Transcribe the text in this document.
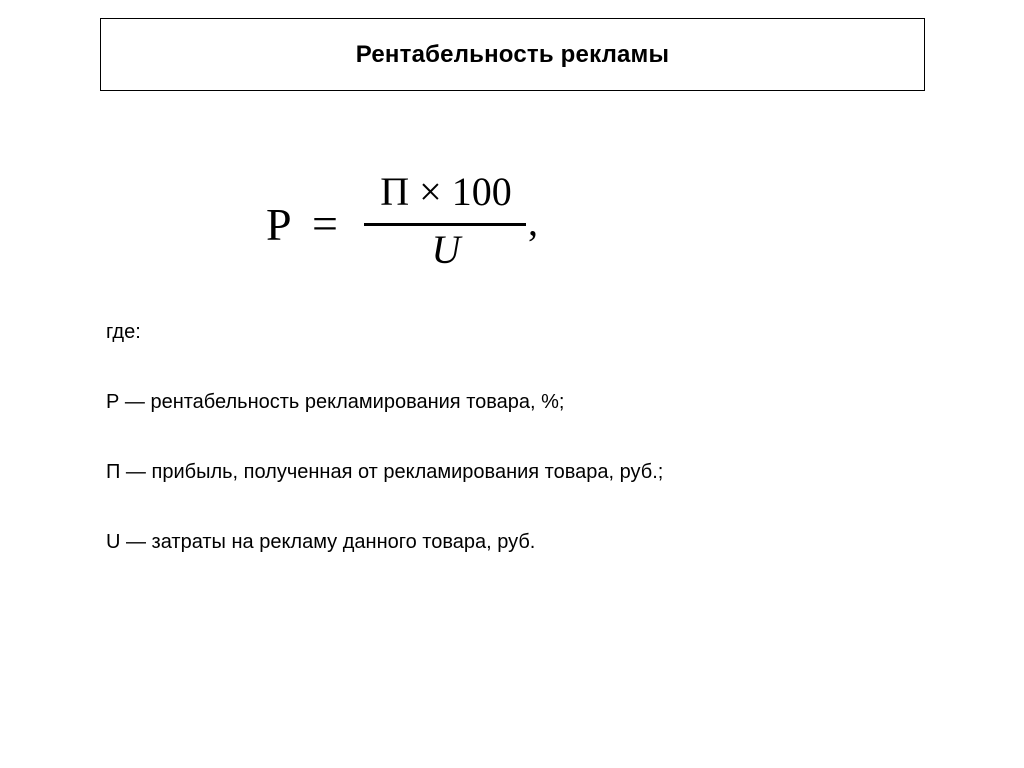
Рентабельность рекламы
Р =
П × 100
U
,
где:
Р — рентабельность рекламирования товара, %;
П — прибыль, полученная от рекламирования товара, руб.;
U — затраты на рекламу данного товара, руб.
